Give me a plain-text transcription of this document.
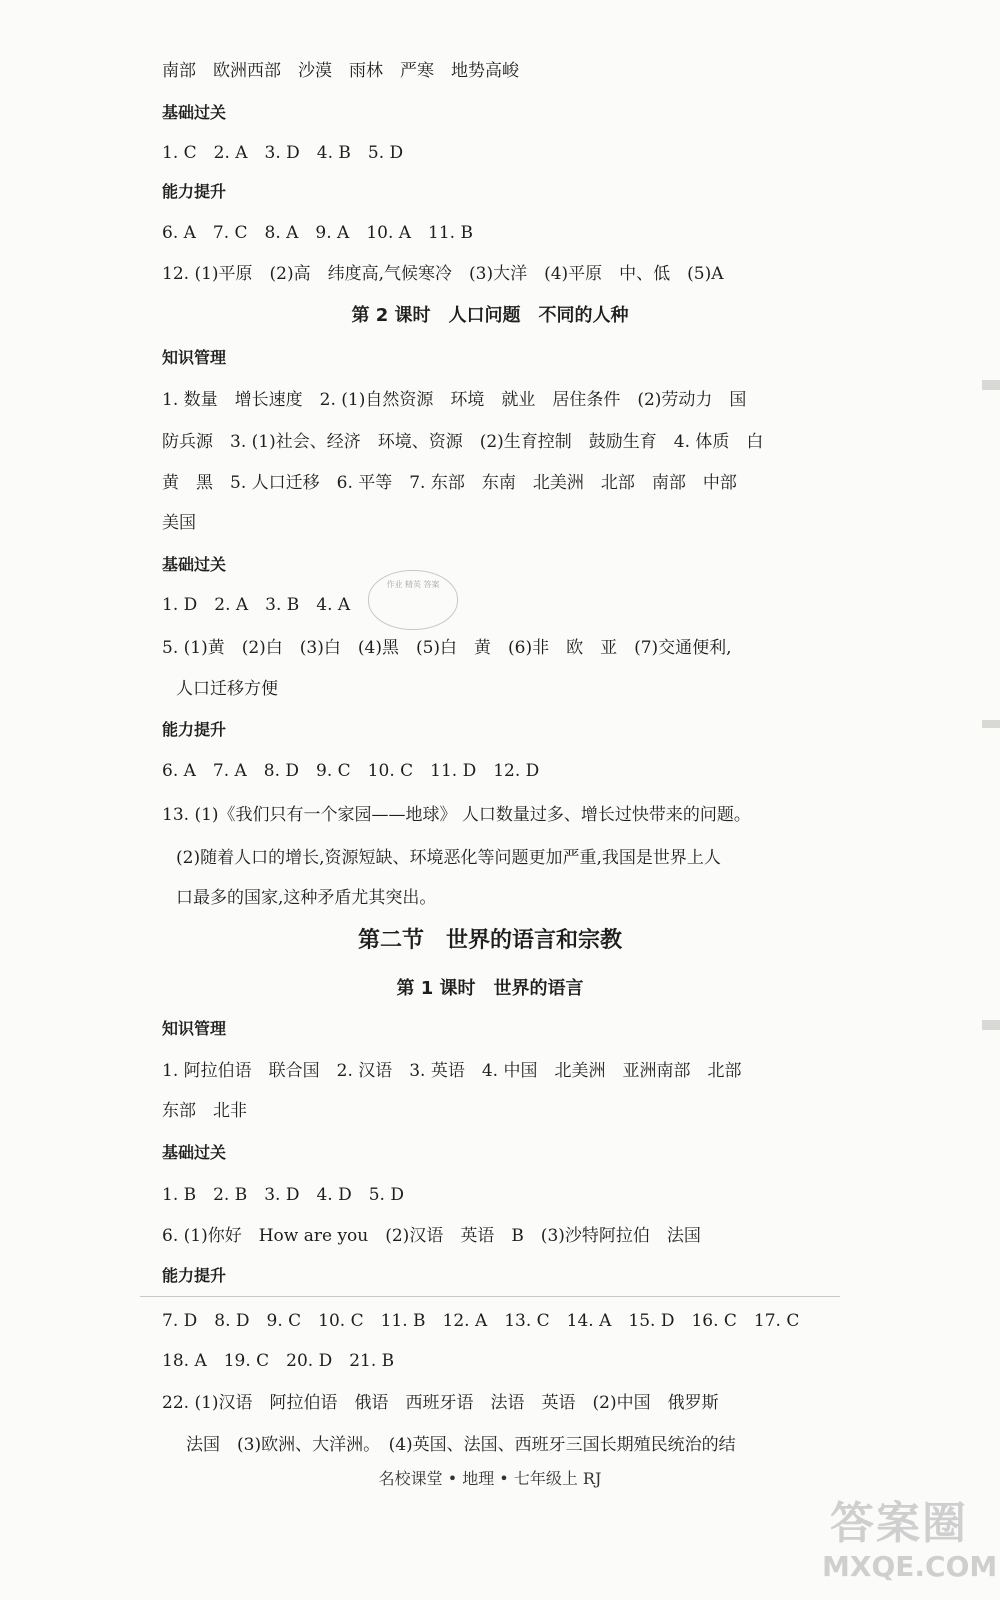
南部　欧洲西部　沙漠　雨林　严寒　地势高峻
基础过关
1. C　2. A　3. D　4. B　5. D
能力提升
6. A　7. C　8. A　9. A　10. A　11. B
12. (1)平原　(2)高　纬度高,气候寒冷　(3)大洋　(4)平原　中、低　(5)A
第 2 课时　人口问题　不同的人种
知识管理
1. 数量　增长速度　2. (1)自然资源　环境　就业　居住条件　(2)劳动力　国
防兵源　3. (1)社会、经济　环境、资源　(2)生育控制　鼓励生育　4. 体质　白
黄　黑　5. 人口迁移　6. 平等　7. 东部　东南　北美洲　北部　南部　中部
美国
基础过关
1. D　2. A　3. B　4. A
作业 精英 答案
5. (1)黄　(2)白　(3)白　(4)黑　(5)白　黄　(6)非　欧　亚　(7)交通便利,
人口迁移方便
能力提升
6. A　7. A　8. D　9. C　10. C　11. D　12. D
13. (1)《我们只有一个家园——地球》 人口数量过多、增长过快带来的问题。
(2)随着人口的增长,资源短缺、环境恶化等问题更加严重,我国是世界上人
口最多的国家,这种矛盾尤其突出。
第二节　世界的语言和宗教
第 1 课时　世界的语言
知识管理
1. 阿拉伯语　联合国　2. 汉语　3. 英语　4. 中国　北美洲　亚洲南部　北部
东部　北非
基础过关
1. B　2. B　3. D　4. D　5. D
6. (1)你好　How are you　(2)汉语　英语　B　(3)沙特阿拉伯　法国
能力提升
7. D　8. D　9. C　10. C　11. B　12. A　13. C　14. A　15. D　16. C　17. C
18. A　19. C　20. D　21. B
22. (1)汉语　阿拉伯语　俄语　西班牙语　法语　英语　(2)中国　俄罗斯
法国　(3)欧洲、大洋洲。　(4)英国、法国、西班牙三国长期殖民统治的结
名校课堂 • 地理 • 七年级上 RJ
答案圈
MXQE.COM
